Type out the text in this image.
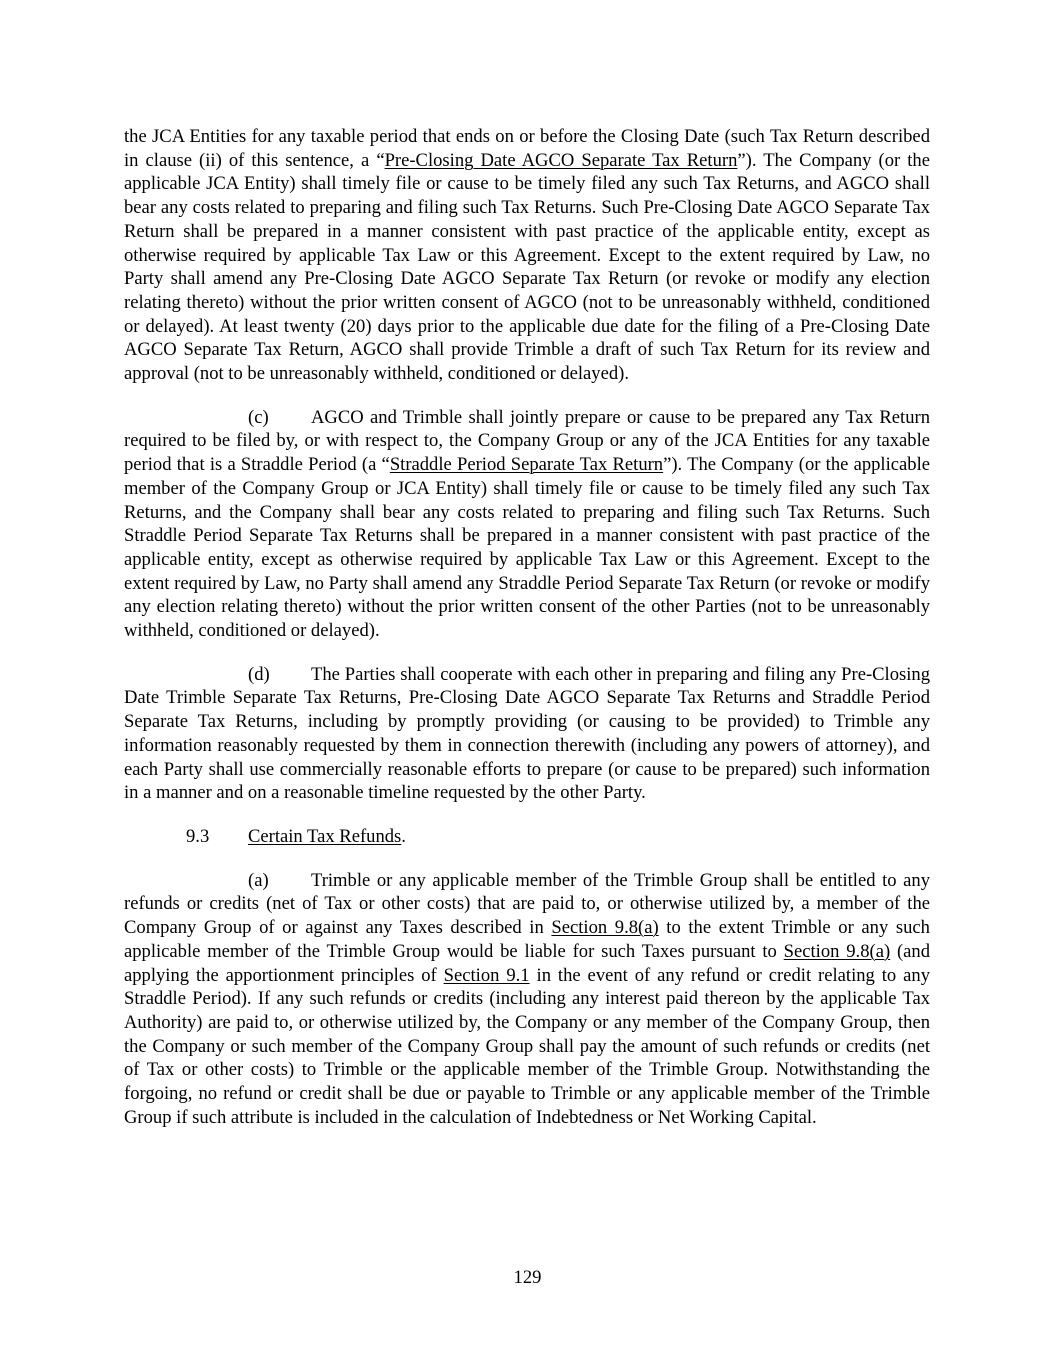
the JCA Entities for any taxable period that ends on or before the Closing Date (such Tax Return described in clause (ii) of this sentence, a “Pre-Closing Date AGCO Separate Tax Return”). The Company (or the applicable JCA Entity) shall timely file or cause to be timely filed any such Tax Returns, and AGCO shall bear any costs related to preparing and filing such Tax Returns. Such Pre-Closing Date AGCO Separate Tax Return shall be prepared in a manner consistent with past practice of the applicable entity, except as otherwise required by applicable Tax Law or this Agreement. Except to the extent required by Law, no Party shall amend any Pre-Closing Date AGCO Separate Tax Return (or revoke or modify any election relating thereto) without the prior written consent of AGCO (not to be unreasonably withheld, conditioned or delayed). At least twenty (20) days prior to the applicable due date for the filing of a Pre-Closing Date AGCO Separate Tax Return, AGCO shall provide Trimble a draft of such Tax Return for its review and approval (not to be unreasonably withheld, conditioned or delayed).

(c) AGCO and Trimble shall jointly prepare or cause to be prepared any Tax Return required to be filed by, or with respect to, the Company Group or any of the JCA Entities for any taxable period that is a Straddle Period (a “Straddle Period Separate Tax Return”). The Company (or the applicable member of the Company Group or JCA Entity) shall timely file or cause to be timely filed any such Tax Returns, and the Company shall bear any costs related to preparing and filing such Tax Returns. Such Straddle Period Separate Tax Returns shall be prepared in a manner consistent with past practice of the applicable entity, except as otherwise required by applicable Tax Law or this Agreement. Except to the extent required by Law, no Party shall amend any Straddle Period Separate Tax Return (or revoke or modify any election relating thereto) without the prior written consent of the other Parties (not to be unreasonably withheld, conditioned or delayed).

(d) The Parties shall cooperate with each other in preparing and filing any Pre-Closing Date Trimble Separate Tax Returns, Pre-Closing Date AGCO Separate Tax Returns and Straddle Period Separate Tax Returns, including by promptly providing (or causing to be provided) to Trimble any information reasonably requested by them in connection therewith (including any powers of attorney), and each Party shall use commercially reasonable efforts to prepare (or cause to be prepared) such information in a manner and on a reasonable timeline requested by the other Party.

9.3 Certain Tax Refunds.

(a) Trimble or any applicable member of the Trimble Group shall be entitled to any refunds or credits (net of Tax or other costs) that are paid to, or otherwise utilized by, a member of the Company Group of or against any Taxes described in Section 9.8(a) to the extent Trimble or any such applicable member of the Trimble Group would be liable for such Taxes pursuant to Section 9.8(a) (and applying the apportionment principles of Section 9.1 in the event of any refund or credit relating to any Straddle Period). If any such refunds or credits (including any interest paid thereon by the applicable Tax Authority) are paid to, or otherwise utilized by, the Company or any member of the Company Group, then the Company or such member of the Company Group shall pay the amount of such refunds or credits (net of Tax or other costs) to Trimble or the applicable member of the Trimble Group. Notwithstanding the forgoing, no refund or credit shall be due or payable to Trimble or any applicable member of the Trimble Group if such attribute is included in the calculation of Indebtedness or Net Working Capital.

129
